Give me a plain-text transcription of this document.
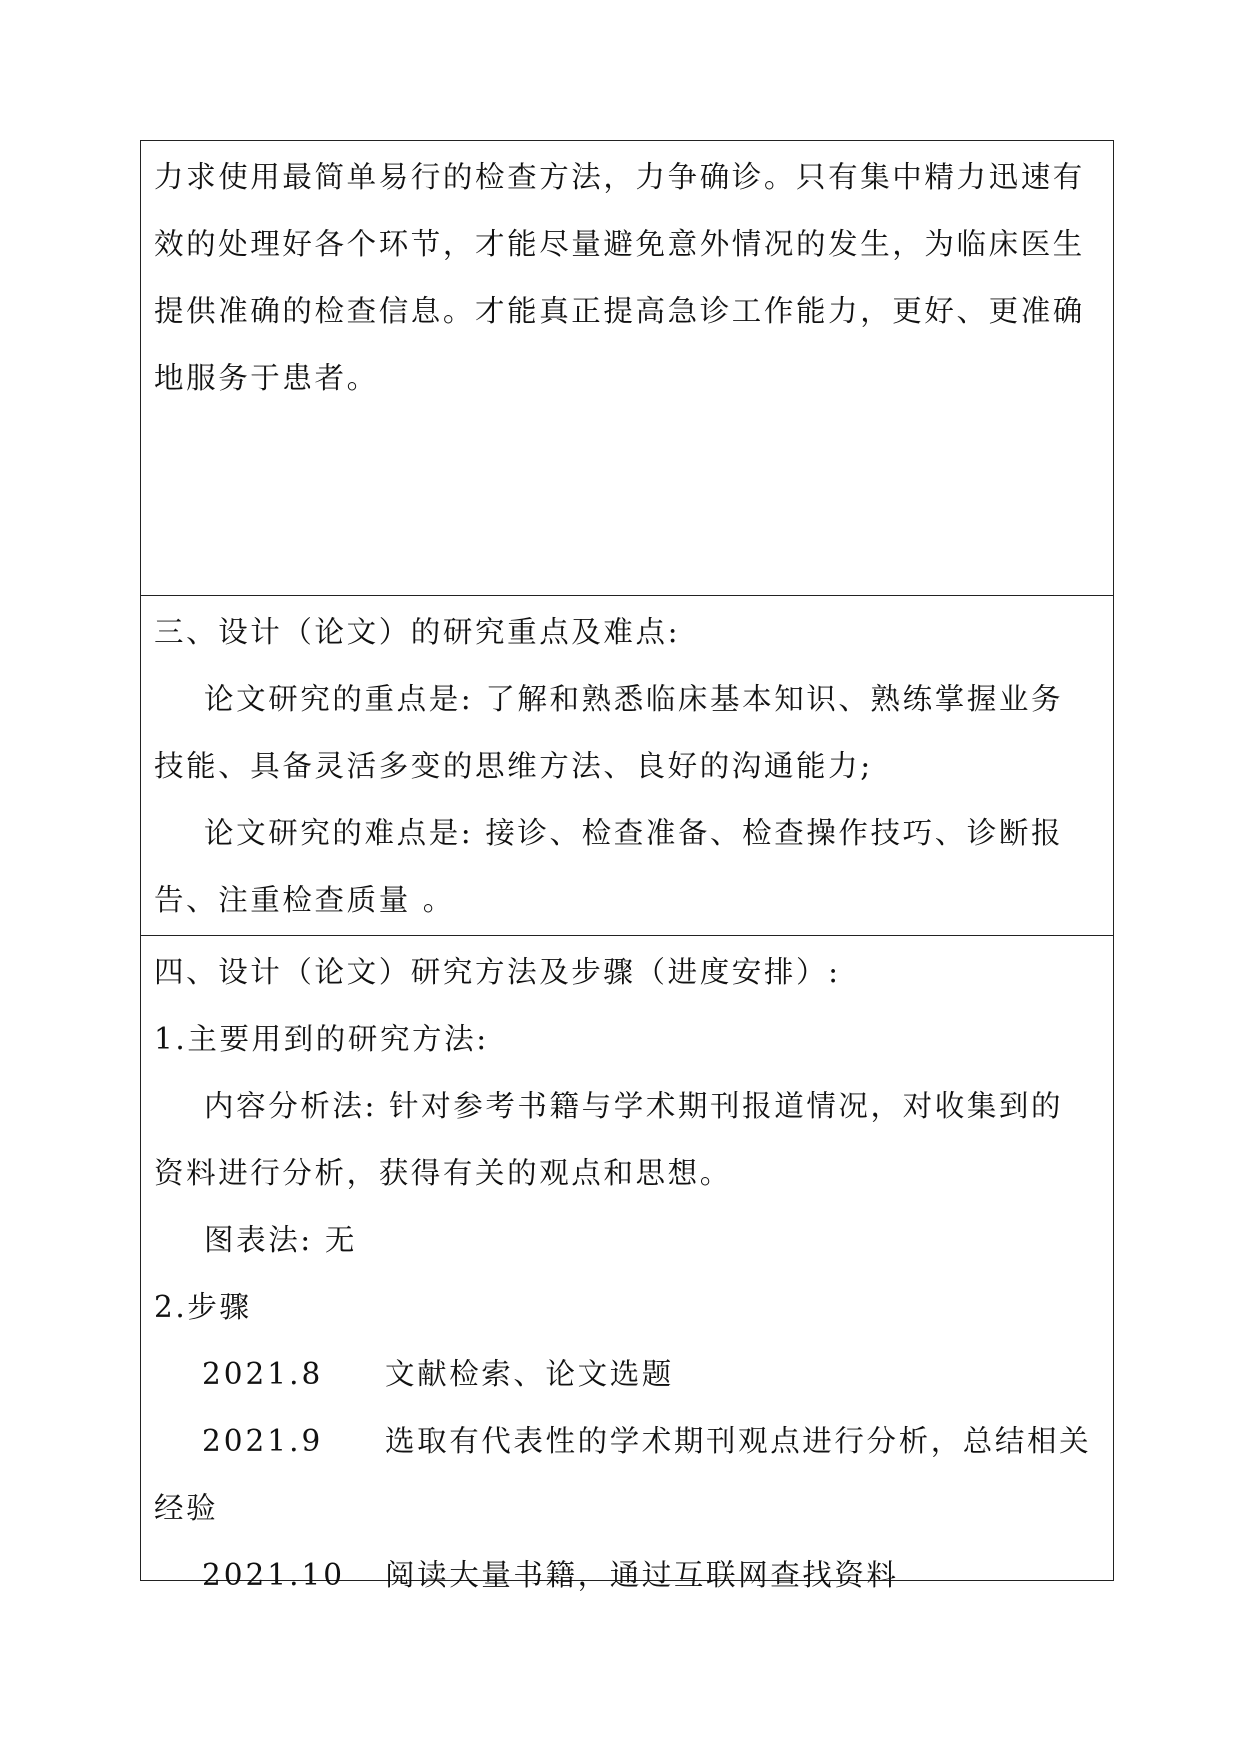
力求使用最简单易行的检查方法，力争确诊。只有集中精力迅速有
效的处理好各个环节，才能尽量避免意外情况的发生，为临床医生
提供准确的检查信息。才能真正提高急诊工作能力，更好、更准确
地服务于患者。
三、设计（论文）的研究重点及难点:
论文研究的重点是: 了解和熟悉临床基本知识、熟练掌握业务
技能、具备灵活多变的思维方法、良好的沟通能力;
论文研究的难点是: 接诊、检查准备、检查操作技巧、诊断报
告、注重检查质量 。
四、设计（论文）研究方法及步骤（进度安排）:
1.主要用到的研究方法:
内容分析法: 针对参考书籍与学术期刊报道情况，对收集到的
资料进行分析，获得有关的观点和思想。
图表法: 无
2.步骤
2021.8	文献检索、论文选题
2021.9	选取有代表性的学术期刊观点进行分析，总结相关
经验
2021.10	阅读大量书籍，通过互联网查找资料
